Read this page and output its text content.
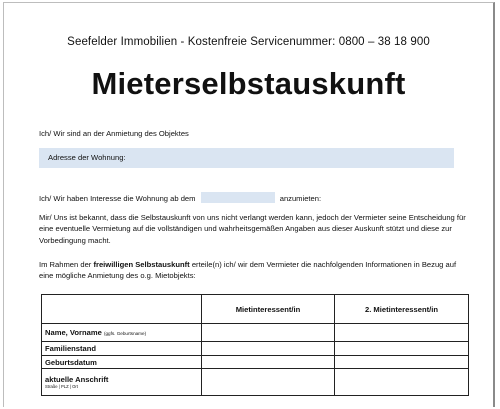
Seefelder Immobilien - Kostenfreie Servicenummer: 0800 – 38 18 900
Mieterselbstauskunft
Ich/ Wir sind an der Anmietung des Objektes
Adresse der Wohnung:
Ich/ Wir haben Interesse die Wohnung ab dem	anzumieten:
Mir/ Uns ist bekannt, dass die Selbstauskunft von uns nicht verlangt werden kann, jedoch der Vermieter seine Entscheidung für eine eventuelle Vermietung auf die vollständigen und wahrheitsgemäßen Angaben aus dieser Auskunft stützt und diese zur Vorbedingung macht.
Im Rahmen der freiwilligen Selbstauskunft erteile(n) ich/ wir dem Vermieter die nachfolgenden Informationen in Bezug auf eine mögliche Anmietung des o.g. Mietobjekts:
	Mietinteressent/in	2. Mietinteressent/in
Name, Vorname (ggfs. Geburtsname)		
Familienstand		
Geburtsdatum		
aktuelle Anschrift
Straße | PLZ | Ort		
